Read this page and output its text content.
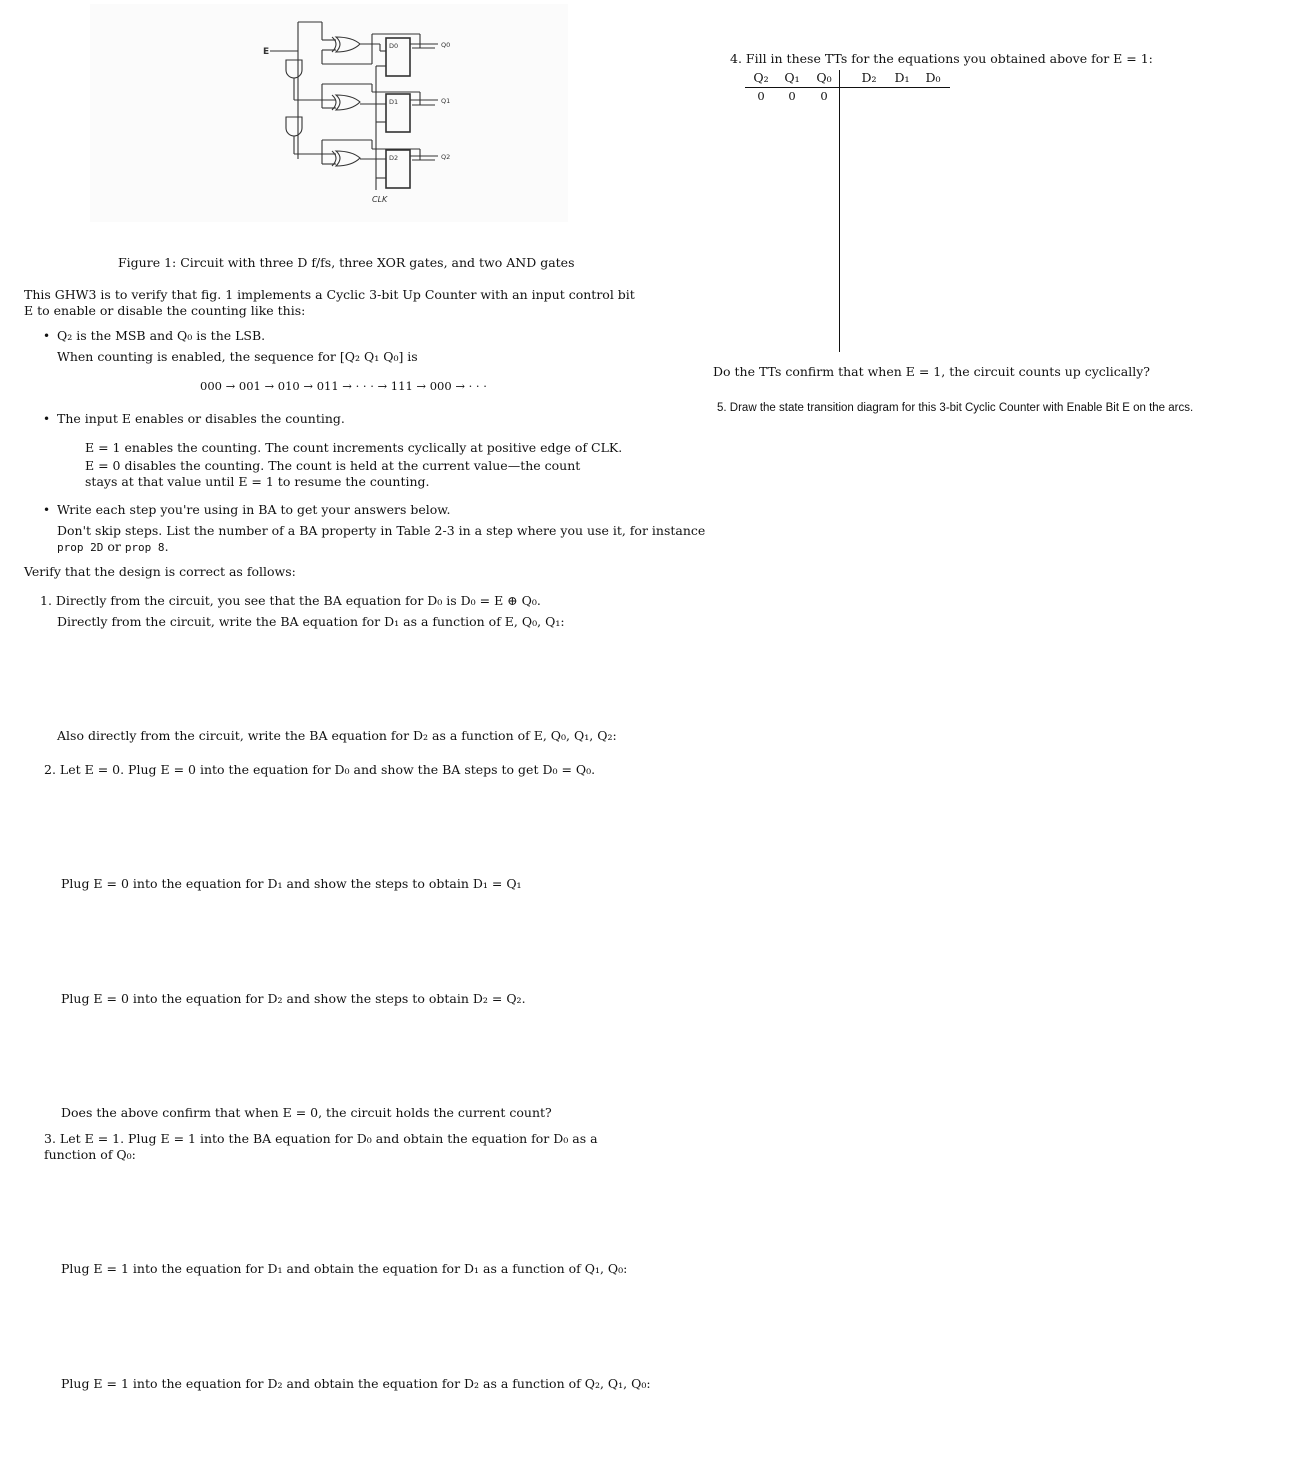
E
D0
D1
D2
Q0
Q1
Q2
CLK
Figure 1: Circuit with three D f/fs, three XOR gates, and two AND gates
This GHW3 is to verify that fig. 1 implements a Cyclic 3-bit Up Counter with an input control bit E to enable or disable the counting like this:
• Q₂ is the MSB and Q₀ is the LSB.
When counting is enabled, the sequence for [Q₂ Q₁ Q₀] is
000 → 001 → 010 → 011 → · · · → 111 → 000 → · · ·
• The input E enables or disables the counting.
E = 1 enables the counting. The count increments cyclically at positive edge of CLK.
E = 0 disables the counting. The count is held at the current value—the count stays at that value until E = 1 to resume the counting.
• Write each step you're using in BA to get your answers below.
Don't skip steps. List the number of a BA property in Table 2-3 in a step where you use it, for instance
prop 2D or prop 8.
Verify that the design is correct as follows:
1. Directly from the circuit, you see that the BA equation for D₀ is D₀ = E ⊕ Q₀.
Directly from the circuit, write the BA equation for D₁ as a function of E, Q₀, Q₁:
Also directly from the circuit, write the BA equation for D₂ as a function of E, Q₀, Q₁, Q₂:
2. Let E = 0. Plug E = 0 into the equation for D₀ and show the BA steps to get D₀ = Q₀.
Plug E = 0 into the equation for D₁ and show the steps to obtain D₁ = Q₁
Plug E = 0 into the equation for D₂ and show the steps to obtain D₂ = Q₂.
Does the above confirm that when E = 0, the circuit holds the current count?
3. Let E = 1. Plug E = 1 into the BA equation for D₀ and obtain the equation for D₀ as a function of Q₀:
Plug E = 1 into the equation for D₁ and obtain the equation for D₁ as a function of Q₁, Q₀:
Plug E = 1 into the equation for D₂ and obtain the equation for D₂ as a function of Q₂, Q₁, Q₀:
4. Fill in these TTs for the equations you obtained above for E = 1:
Q₂ Q₁ Q₀ D₂ D₁ D₀
0	0	0
Do the TTs confirm that when E = 1, the circuit counts up cyclically?
5. Draw the state transition diagram for this 3-bit Cyclic Counter with Enable Bit E on the arcs.
